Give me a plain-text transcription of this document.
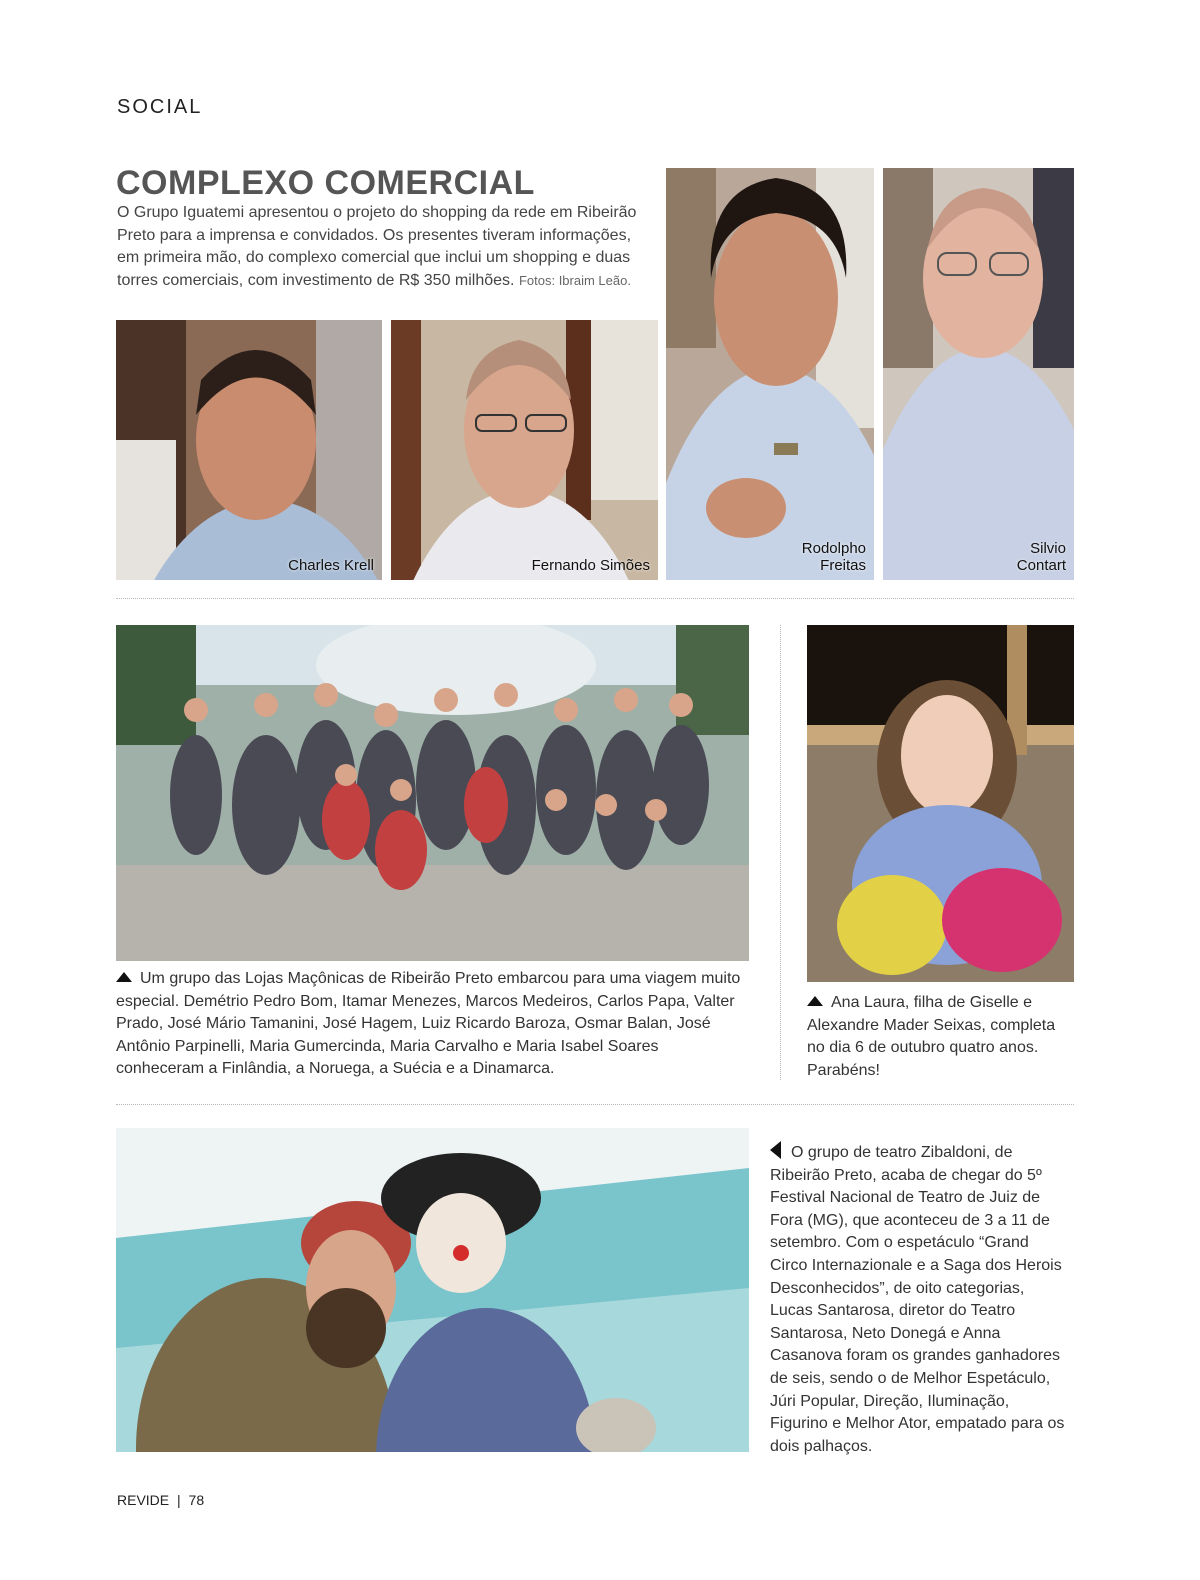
SOCIAL
COMPLEXO COMERCIAL

O Grupo Iguatemi apresentou o projeto do shopping da rede em Ribeirão Preto para a imprensa e convidados. Os presentes tiveram informações, em primeira mão, do complexo comercial que inclui um shopping e duas torres comerciais, com investimento de R$ 350 milhões. Fotos: Ibraim Leão.

Charles Krell	Fernando Simões
Rodolpho Freitas
Silvio Contart

Um grupo das Lojas Maçônicas de Ribeirão Preto embarcou para uma viagem muito especial. Demétrio Pedro Bom, Itamar Menezes, Marcos Medeiros, Carlos Papa, Valter Prado, José Mário Tamanini, José Hagem, Luiz Ricardo Baroza, Osmar Balan, José Antônio Parpinelli, Maria Gumercinda, Maria Carvalho e Maria Isabel Soares conheceram a Finlândia, a Noruega, a Suécia e a Dinamarca.

Ana Laura, filha de Giselle e Alexandre Mader Seixas, completa no dia 6 de outubro quatro anos. Parabéns!

O grupo de teatro Zibaldoni, de Ribeirão Preto, acaba de chegar do 5º Festival Nacional de Teatro de Juiz de Fora (MG), que aconteceu de 3 a 11 de setembro. Com o espetáculo “Grand Circo Internazionale e a Saga dos Herois Desconhecidos”, de oito categorias, Lucas Santarosa, diretor do Teatro Santarosa, Neto Donegá e Anna Casanova foram os grandes ganhadores de seis, sendo o de Melhor Espetáculo, Júri Popular, Direção, Iluminação, Figurino e Melhor Ator, empatado para os dois palhaços.

REVIDE | 78
